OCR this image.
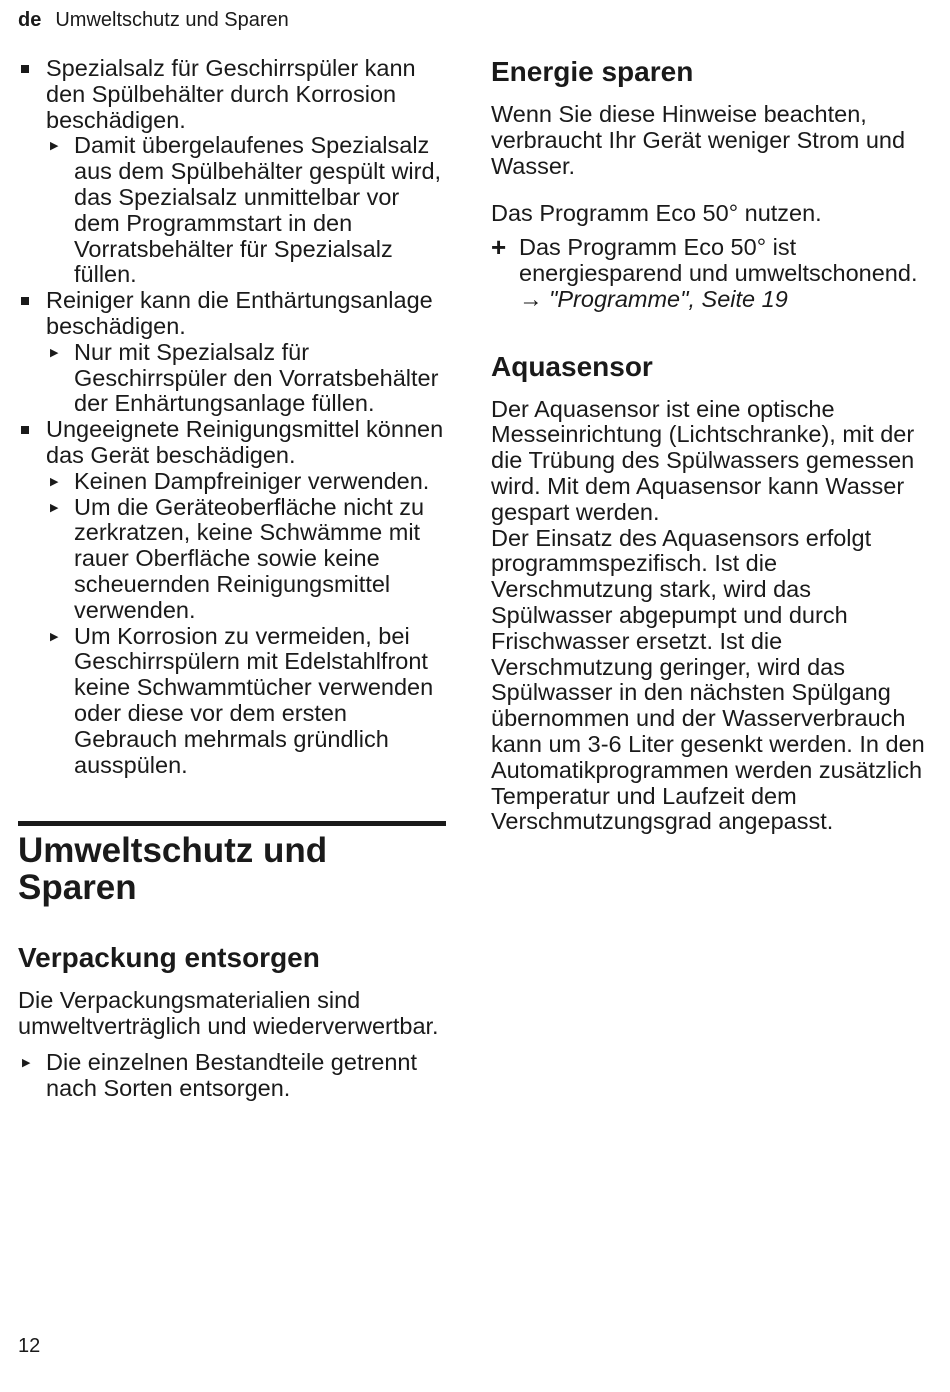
de Umweltschutz und Sparen
Spezialsalz für Geschirrspüler kann den Spülbehälter durch Korrosion beschädigen.
▶ Damit übergelaufenes Spezialsalz aus dem Spülbehälter gespült wird, das Spezialsalz unmittelbar vor dem Programmstart in den Vorratsbehälter für Spezialsalz füllen.
Reiniger kann die Enthärtungsanlage beschädigen.
▶ Nur mit Spezialsalz für Geschirrspüler den Vorratsbehälter der Enhärtungsanlage füllen.
Ungeeignete Reinigungsmittel können das Gerät beschädigen.
▶ Keinen Dampfreiniger verwenden.
▶ Um die Geräteoberfläche nicht zu zerkratzen, keine Schwämme mit rauer Oberfläche sowie keine scheuernden Reinigungsmittel verwenden.
▶ Um Korrosion zu vermeiden, bei Geschirrspülern mit Edelstahlfront keine Schwammtücher verwenden oder diese vor dem ersten Gebrauch mehrmals gründlich ausspülen.
Umweltschutz und
Sparen
Verpackung entsorgen

Die Verpackungsmaterialien sind umweltverträglich und wiederverwertbar.

▶ Die einzelnen Bestandteile getrennt nach Sorten entsorgen.
Energie sparen

Wenn Sie diese Hinweise beachten, verbraucht Ihr Gerät weniger Strom und Wasser.

Das Programm Eco 50° nutzen.

+ Das Programm Eco 50° ist energiesparend und umweltschonend.
→ "Programme", Seite 19
Aquasensor

Der Aquasensor ist eine optische Messeinrichtung (Lichtschranke), mit der die Trübung des Spülwassers gemessen wird. Mit dem Aquasensor kann Wasser gespart werden.

Der Einsatz des Aquasensors erfolgt programmspezifisch. Ist die Verschmutzung stark, wird das Spülwasser abgepumpt und durch Frischwasser ersetzt. Ist die Verschmutzung geringer, wird das Spülwasser in den nächsten Spülgang übernommen und der Wasserverbrauch kann um 3-6 Liter gesenkt werden. In den Automatikprogrammen werden zusätzlich Temperatur und Laufzeit dem Verschmutzungsgrad angepasst.

12
